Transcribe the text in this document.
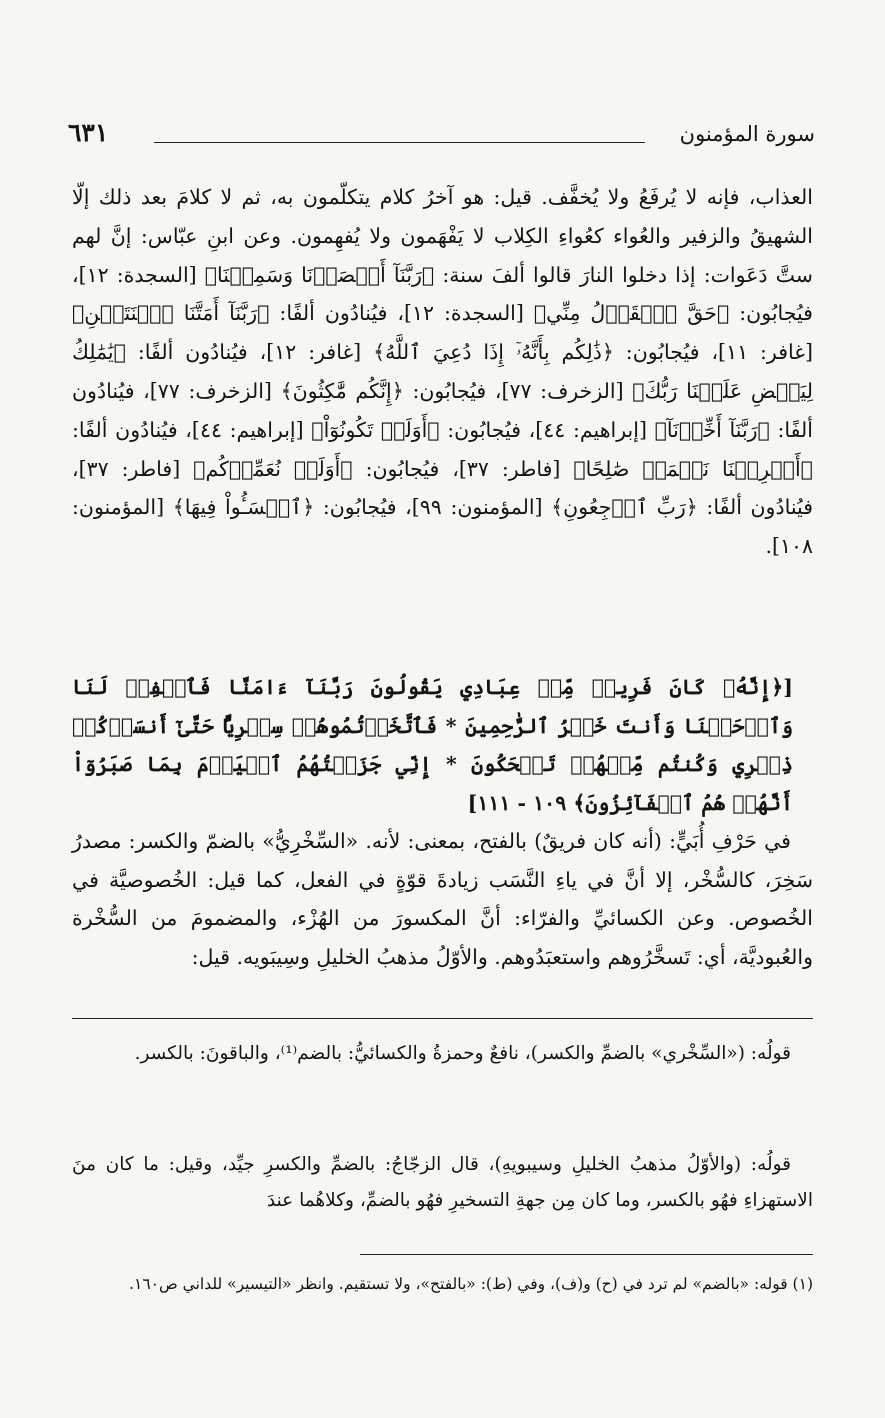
سورة المؤمنون
٦٣١
العذاب، فإنه لا يُرفَعُ ولا يُخفَّف. قيل: هو آخرُ كلام يتكلّمون به، ثم لا كلامَ بعد ذلك إلّا الشهيقُ والزفير والعُواء كعُواءِ الكِلاب لا يَفْهَمون ولا يُفهِمون. وعن ابنِ عبّاس: إنَّ لهم ستَّ دَعَوات: إذا دخلوا النارَ قالوا ألفَ سنة: ﴿رَبَّنَآ أَبۡصَرۡنَا وَسَمِعۡنَا﴾ [السجدة: ١٢]، فيُجابُون: ﴿حَقَّ ٱلۡقَوۡلُ مِنِّي﴾ [السجدة: ١٢]، فيُنادُون ألفًا: ﴿رَبَّنَآ أَمَتَّنَا ٱثۡنَتَيۡنِ﴾ [غافر: ١١]، فيُجابُون: ﴿ذَٰلِكُم بِأَنَّهُۥٓ إِذَا دُعِيَ ٱللَّهُ﴾ [غافر: ١٢]، فيُنادُون ألفًا: ﴿يَٰمَٰلِكُ لِيَقۡضِ عَلَيۡنَا رَبُّكَ﴾ [الزخرف: ٧٧]، فيُجابُون: ﴿إِنَّكُم مَّٰكِثُونَ﴾ [الزخرف: ٧٧]، فيُنادُون ألفًا: ﴿رَبَّنَآ أَخِّرۡنَآ﴾ [إبراهيم: ٤٤]، فيُجابُون: ﴿أَوَلَمۡ تَكُونُوٓاْ﴾ [إبراهيم: ٤٤]، فيُنادُون ألفًا: ﴿أَخۡرِجۡنَا نَعۡمَلۡ صَٰلِحًا﴾ [فاطر: ٣٧]، فيُجابُون: ﴿أَوَلَمۡ نُعَمِّرۡكُم﴾ [فاطر: ٣٧]، فيُنادُون ألفًا: ﴿رَبِّ ٱرۡجِعُونِ﴾ [المؤمنون: ٩٩]، فيُجابُون: ﴿ٱخۡسَـُٔواْ فِيهَا﴾ [المؤمنون: ١٠٨].
[﴿إِنَّهُۥ كَانَ فَرِيقٞ مِّنۡ عِبَادِي يَقُولُونَ رَبَّنَآ ءَامَنَّا فَٱغۡفِرۡ لَنَا وَٱرۡحَمۡنَا وَأَنتَ خَيۡرُ ٱلرَّٰحِمِينَ * فَٱتَّخَذۡتُمُوهُمۡ سِخۡرِيًّا حَتَّىٰٓ أَنسَوۡكُمۡ ذِكۡرِي وَكُنتُم مِّنۡهُمۡ تَضۡحَكُونَ * إِنِّي جَزَيۡتُهُمُ ٱلۡيَوۡمَ بِمَا صَبَرُوٓاْ أَنَّهُمۡ هُمُ ٱلۡفَآئِزُونَ﴾ ١٠٩ - ١١١]
في حَرْفِ أُبَيٍّ: (أنه كان فريقٌ) بالفتح، بمعنى: لأنه. «السِّخْرِيُّ» بالضمّ والكسر: مصدرُ سَخِرَ، كالسُّخْر، إلا أنَّ في ياءِ النَّسَب زيادةَ قوّةٍ في الفعل، كما قيل: الخُصوصيَّة في الخُصوص. وعن الكسائيِّ والفرّاء: أنَّ المكسورَ من الهُزْء، والمضمومَ من السُّخْرة والعُبوديَّة، أي: تَسخَّرُوهم واستعبَدُوهم. والأوّلُ مذهبُ الخليلِ وسِيبَويه. قيل:
قولُه: («السِّخْري» بالضمِّ والكسر)، نافعٌ وحمزةُ والكسائيُّ: بالضم⁽¹⁾، والباقونَ: بالكسر.
قولُه: (والأوّلُ مذهبُ الخليلِ وسيبويهِ)، قال الزجّاجُ: بالضمِّ والكسرِ جيِّد، وقيل: ما كان منَ الاستهزاءِ فهُو بالكسر، وما كان مِن جهةِ التسخيرِ فهُو بالضمِّ، وكلاهُما عندَ
(١) قوله: «بالضم» لم ترد في (ح) و(ف)، وفي (ط): «بالفتح»، ولا تستقيم. وانظر «التيسير» للداني ص١٦٠.
